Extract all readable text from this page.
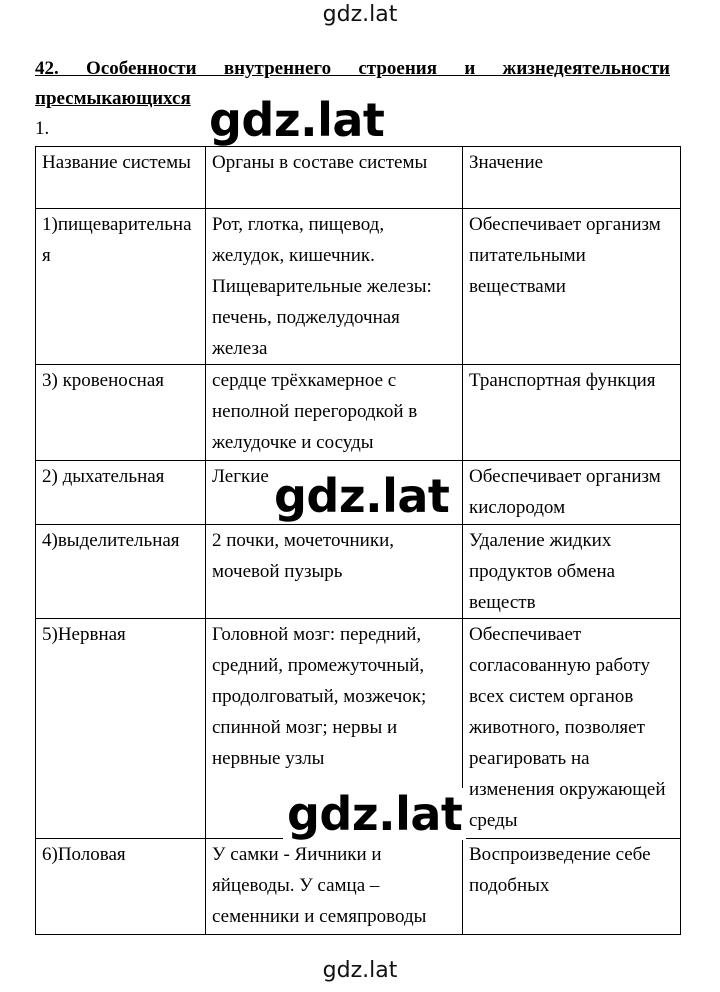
gdz.lat
42. Особенности внутреннего строения и жизнедеятельности пресмыкающихся
1.
Название системы	Органы в составе системы	Значение
1)пищеварительная	Рот, глотка, пищевод, желудок, кишечник. Пищеварительные железы: печень, поджелудочная железа	Обеспечивает организм питательными веществами
3) кровеносная	сердце трёхкамерное с неполной перегородкой в желудочке и сосуды	Транспортная функция
2) дыхательная	Легкие	Обеспечивает организм кислородом
4)выделительная	2 почки, мочеточники, мочевой пузырь	Удаление жидких продуктов обмена веществ
5)Нервная	Головной мозг: передний, средний, промежуточный, продолговатый, мозжечок; спинной мозг; нервы и нервные узлы	Обеспечивает согласованную работу всех систем органов животного, позволяет реагировать на изменения окружающей среды
6)Половая	У самки - Яичники и яйцеводы. У самца – семенники и семяпроводы	Воспроизведение себе подобных
gdz.lat
gdz.lat
gdz.lat
gdz.lat
